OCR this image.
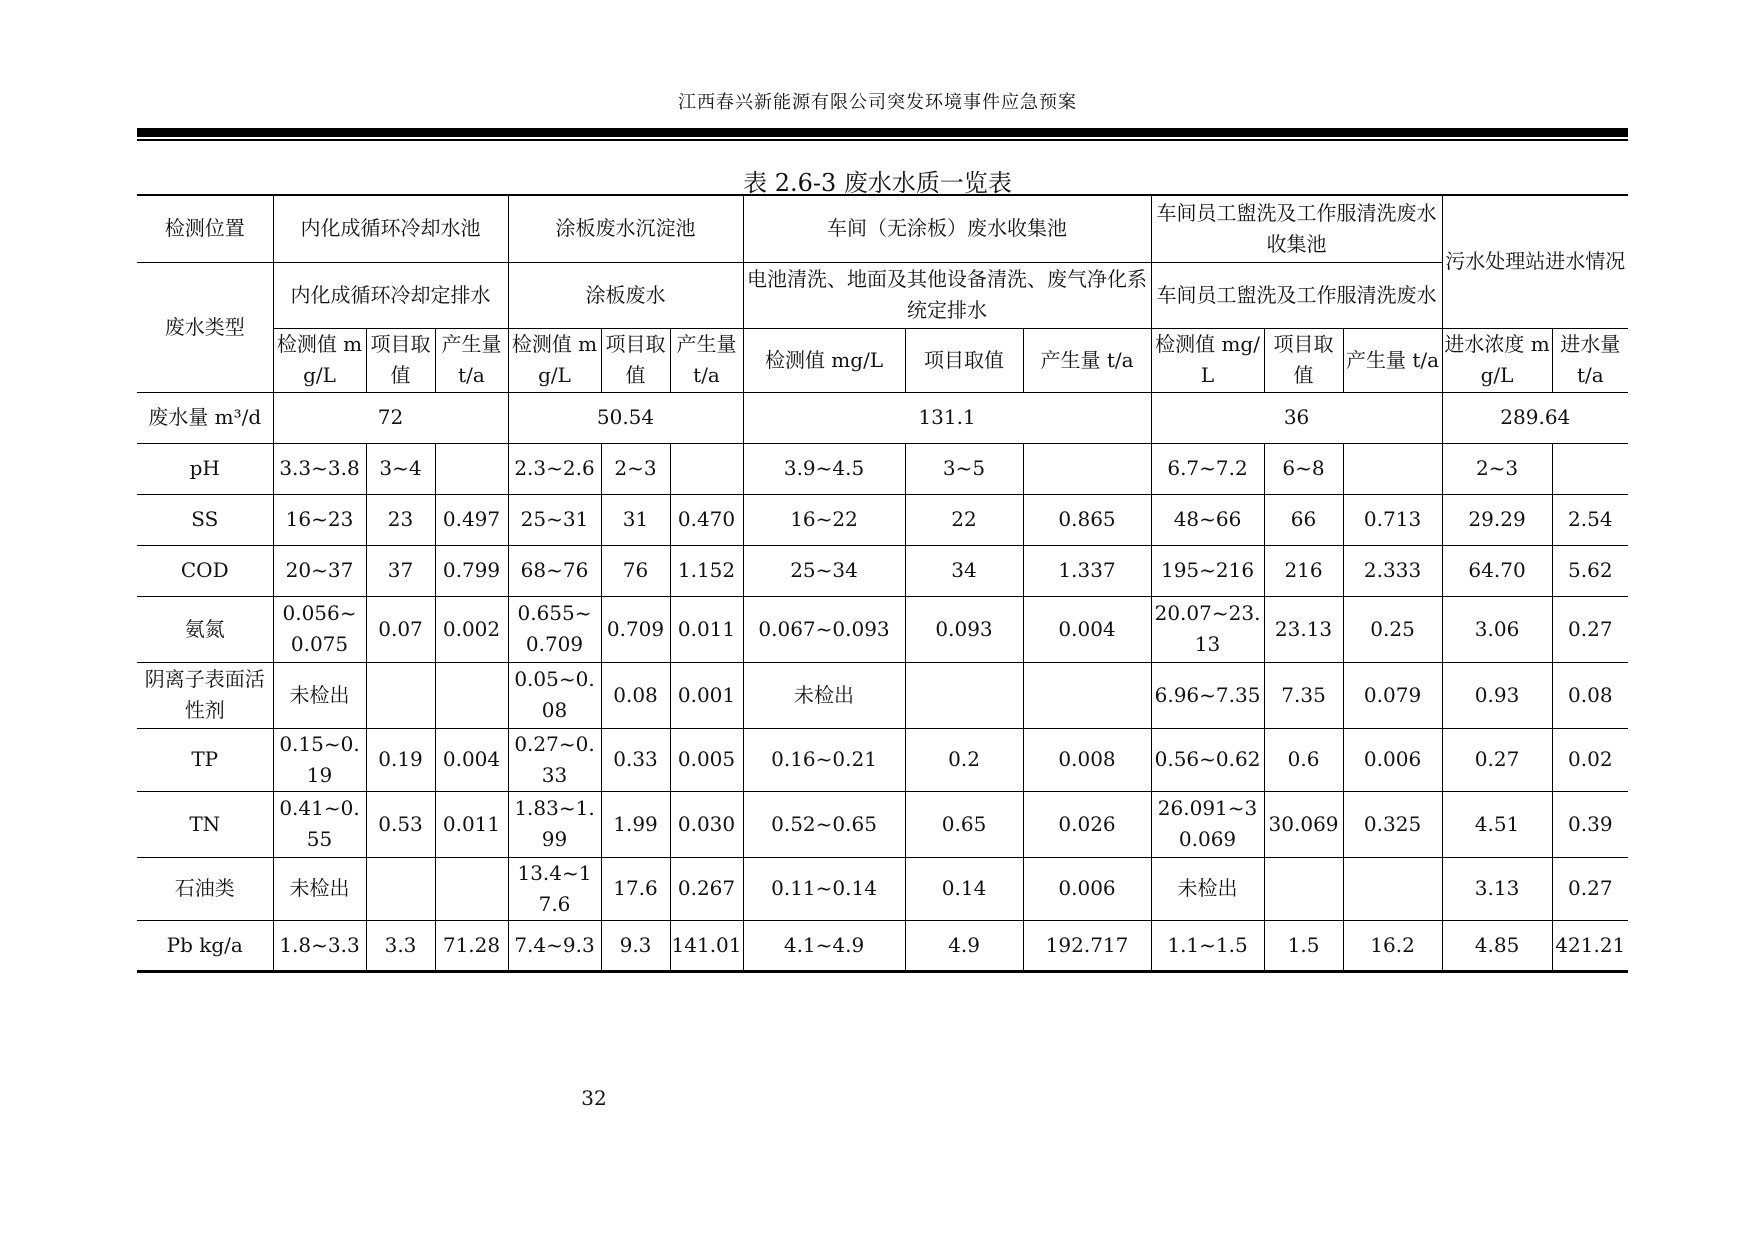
江西春兴新能源有限公司突发环境事件应急预案
表 2.6-3 废水水质一览表
检测位置	内化成循环冷却水池			涂板废水沉淀池			车间（无涂板）废水收集池			车间员工盥洗及工作服清洗废水收集池			污水处理站进水情况	
废水类型	内化成循环冷却定排水			涂板废水			电池清洗、地面及其他设备清洗、废气净化系统定排水			车间员工盥洗及工作服清洗废水				
	检测值 mg/L	项目取值	产生量 t/a	检测值 mg/L	项目取值	产生量 t/a	检测值 mg/L	项目取值	产生量 t/a	检测值 mg/L	项目取值	产生量 t/a	进水浓度 mg/L	进水量 t/a
废水量 m³/d	72			50.54			131.1			36			289.64	
pH	3.3~3.8	3~4		2.3~2.6	2~3		3.9~4.5	3~5		6.7~7.2	6~8		2~3	
SS	16~23	23	0.497	25~31	31	0.470	16~22	22	0.865	48~66	66	0.713	29.29	2.54
COD	20~37	37	0.799	68~76	76	1.152	25~34	34	1.337	195~216	216	2.333	64.70	5.62
氨氮	0.056~0.075	0.07	0.002	0.655~0.709	0.709	0.011	0.067~0.093	0.093	0.004	20.07~23.13	23.13	0.25	3.06	0.27
阴离子表面活性剂	未检出			0.05~0.08	0.08	0.001	未检出			6.96~7.35	7.35	0.079	0.93	0.08
TP	0.15~0.19	0.19	0.004	0.27~0.33	0.33	0.005	0.16~0.21	0.2	0.008	0.56~0.62	0.6	0.006	0.27	0.02
TN	0.41~0.55	0.53	0.011	1.83~1.99	1.99	0.030	0.52~0.65	0.65	0.026	26.091~30.069	30.069	0.325	4.51	0.39
石油类	未检出			13.4~17.6	17.6	0.267	0.11~0.14	0.14	0.006	未检出			3.13	0.27
Pb kg/a	1.8~3.3	3.3	71.28	7.4~9.3	9.3	141.01	4.1~4.9	4.9	192.717	1.1~1.5	1.5	16.2	4.85	421.21
32
